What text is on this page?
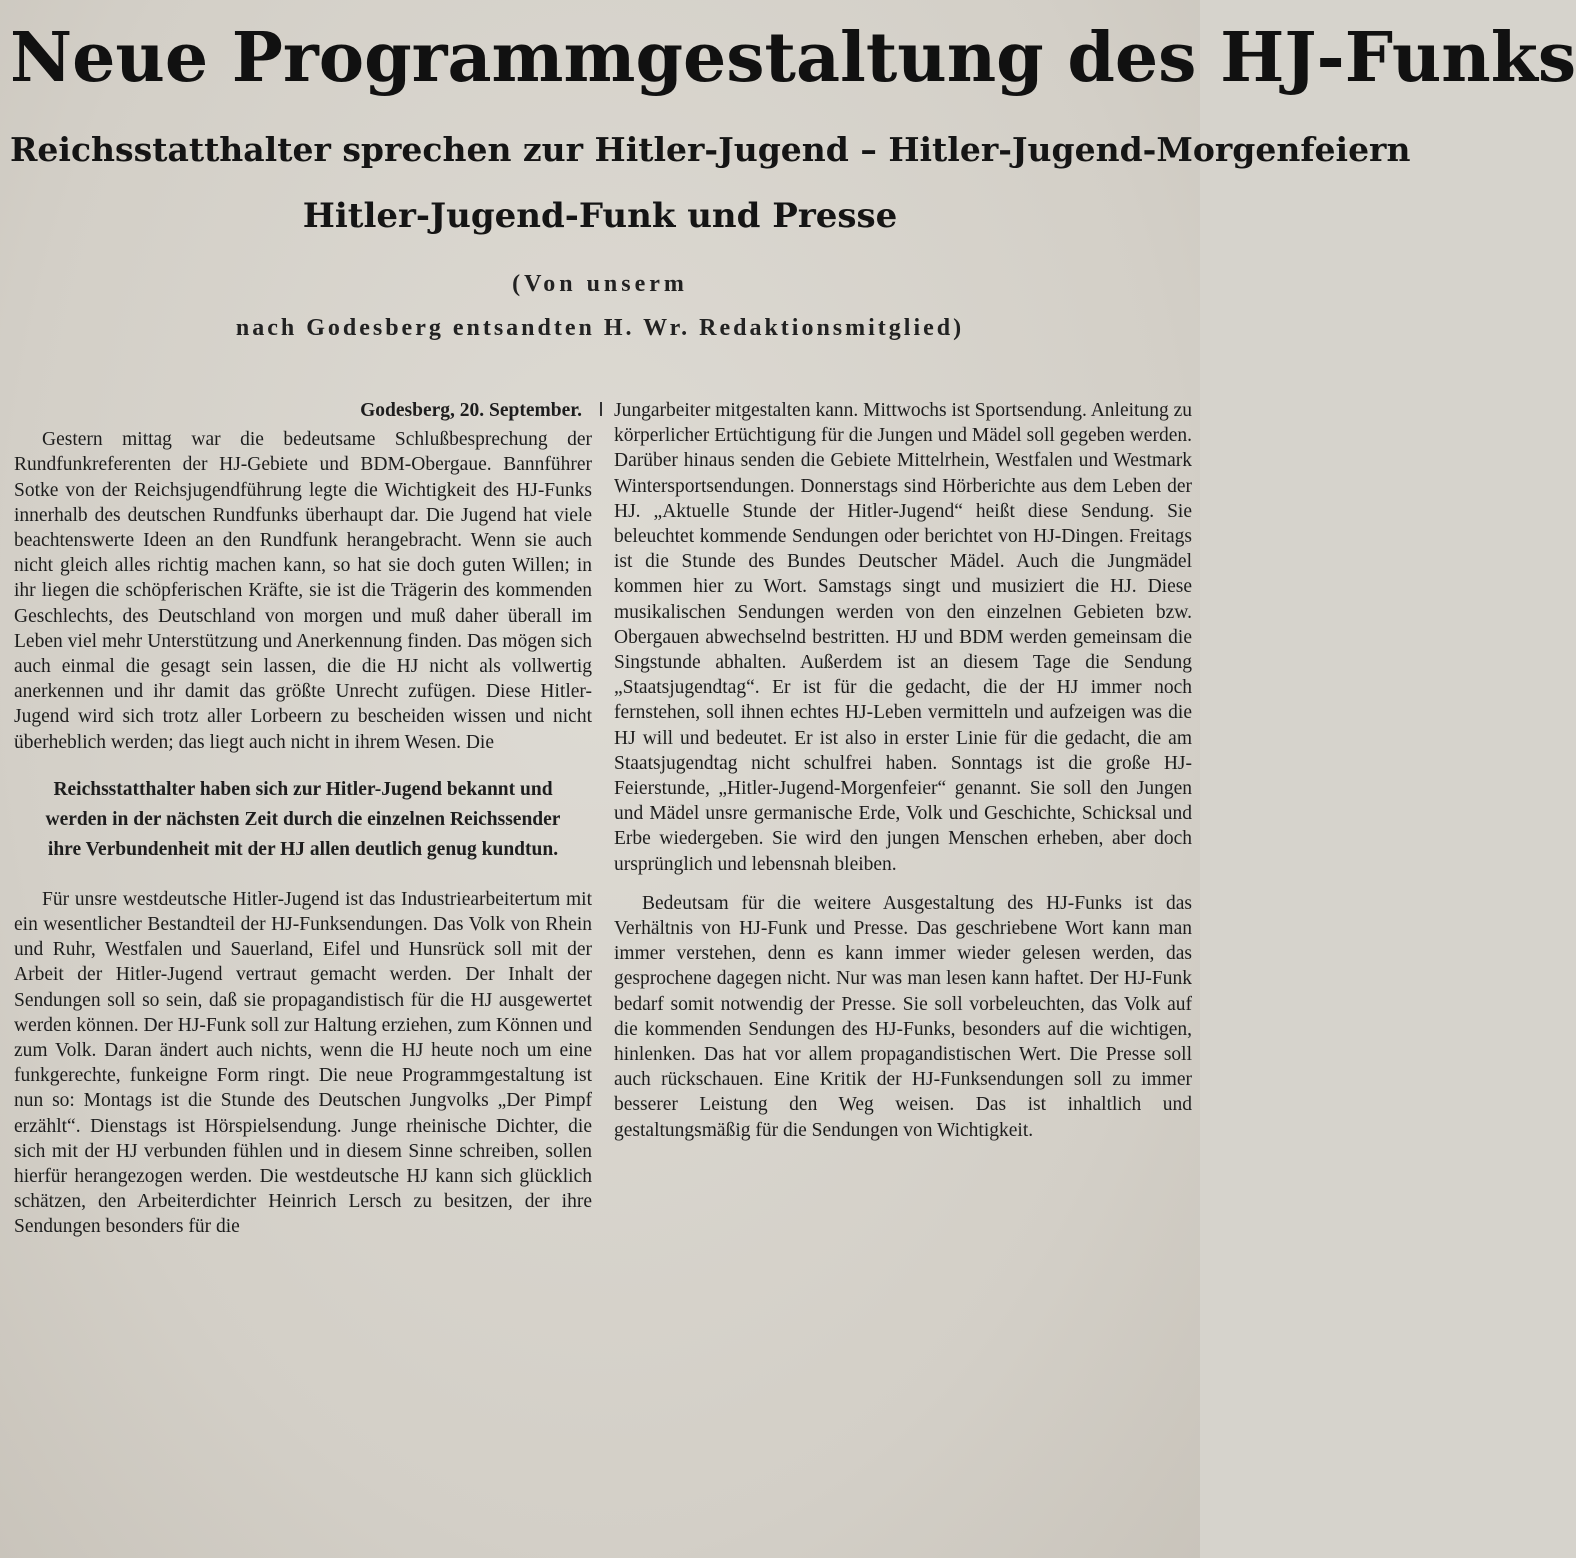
Neue Programmgestaltung des HJ-Funks
Reichsstatthalter sprechen zur Hitler-Jugend – Hitler-Jugend-Morgenfeiern
Hitler-Jugend-Funk und Presse
(Von unserm
nach Godesberg entsandten H. Wr. Redaktionsmitglied)
Godesberg, 20. September.
Gestern mittag war die bedeutsame Schlußbesprechung der Rundfunkreferenten der HJ-Gebiete und BDM-Obergaue. Bannführer Sotke von der Reichsjugendführung legte die Wichtigkeit des HJ-Funks innerhalb des deutschen Rundfunks überhaupt dar. Die Jugend hat viele beachtenswerte Ideen an den Rundfunk herangebracht. Wenn sie auch nicht gleich alles richtig machen kann, so hat sie doch guten Willen; in ihr liegen die schöpferischen Kräfte, sie ist die Trägerin des kommenden Geschlechts, des Deutschland von morgen und muß daher überall im Leben viel mehr Unterstützung und Anerkennung finden. Das mögen sich auch einmal die gesagt sein lassen, die die HJ nicht als vollwertig anerkennen und ihr damit das größte Unrecht zufügen. Diese Hitler-Jugend wird sich trotz aller Lorbeern zu bescheiden wissen und nicht überheblich werden; das liegt auch nicht in ihrem Wesen. Die
Reichsstatthalter haben sich zur Hitler-Jugend bekannt und werden in der nächsten Zeit durch die einzelnen Reichssender ihre Verbundenheit mit der HJ allen deutlich genug kundtun.
Für unsre westdeutsche Hitler-Jugend ist das Industriearbeitertum mit ein wesentlicher Bestandteil der HJ-Funksendungen. Das Volk von Rhein und Ruhr, Westfalen und Sauerland, Eifel und Hunsrück soll mit der Arbeit der Hitler-Jugend vertraut gemacht werden. Der Inhalt der Sendungen soll so sein, daß sie propagandistisch für die HJ ausgewertet werden können. Der HJ-Funk soll zur Haltung erziehen, zum Können und zum Volk. Daran ändert auch nichts, wenn die HJ heute noch um eine funkgerechte, funkeigne Form ringt. Die neue Programmgestaltung ist nun so: Montags ist die Stunde des Deutschen Jungvolks „Der Pimpf erzählt“. Dienstags ist Hörspielsendung. Junge rheinische Dichter, die sich mit der HJ verbunden fühlen und in diesem Sinne schreiben, sollen hierfür herangezogen werden. Die westdeutsche HJ kann sich glücklich schätzen, den Arbeiterdichter Heinrich Lersch zu besitzen, der ihre Sendungen besonders für die
Jungarbeiter mitgestalten kann. Mittwochs ist Sportsendung. Anleitung zu körperlicher Ertüchtigung für die Jungen und Mädel soll gegeben werden. Darüber hinaus senden die Gebiete Mittelrhein, Westfalen und Westmark Wintersportsendungen. Donnerstags sind Hörberichte aus dem Leben der HJ. „Aktuelle Stunde der Hitler-Jugend“ heißt diese Sendung. Sie beleuchtet kommende Sendungen oder berichtet von HJ-Dingen. Freitags ist die Stunde des Bundes Deutscher Mädel. Auch die Jungmädel kommen hier zu Wort. Samstags singt und musiziert die HJ. Diese musikalischen Sendungen werden von den einzelnen Gebieten bzw. Obergauen abwechselnd bestritten. HJ und BDM werden gemeinsam die Singstunde abhalten. Außerdem ist an diesem Tage die Sendung „Staatsjugendtag“. Er ist für die gedacht, die der HJ immer noch fernstehen, soll ihnen echtes HJ-Leben vermitteln und aufzeigen was die HJ will und bedeutet. Er ist also in erster Linie für die gedacht, die am Staatsjugendtag nicht schulfrei haben. Sonntags ist die große HJ-Feierstunde, „Hitler-Jugend-Morgenfeier“ genannt. Sie soll den Jungen und Mädel unsre germanische Erde, Volk und Geschichte, Schicksal und Erbe wiedergeben. Sie wird den jungen Menschen erheben, aber doch ursprünglich und lebensnah bleiben.
Bedeutsam für die weitere Ausgestaltung des HJ-Funks ist das Verhältnis von HJ-Funk und Presse. Das geschriebene Wort kann man immer verstehen, denn es kann immer wieder gelesen werden, das gesprochene dagegen nicht. Nur was man lesen kann haftet. Der HJ-Funk bedarf somit notwendig der Presse. Sie soll vorbeleuchten, das Volk auf die kommenden Sendungen des HJ-Funks, besonders auf die wichtigen, hinlenken. Das hat vor allem propagandistischen Wert. Die Presse soll auch rückschauen. Eine Kritik der HJ-Funksendungen soll zu immer besserer Leistung den Weg weisen. Das ist inhaltlich und gestaltungsmäßig für die Sendungen von Wichtigkeit.
